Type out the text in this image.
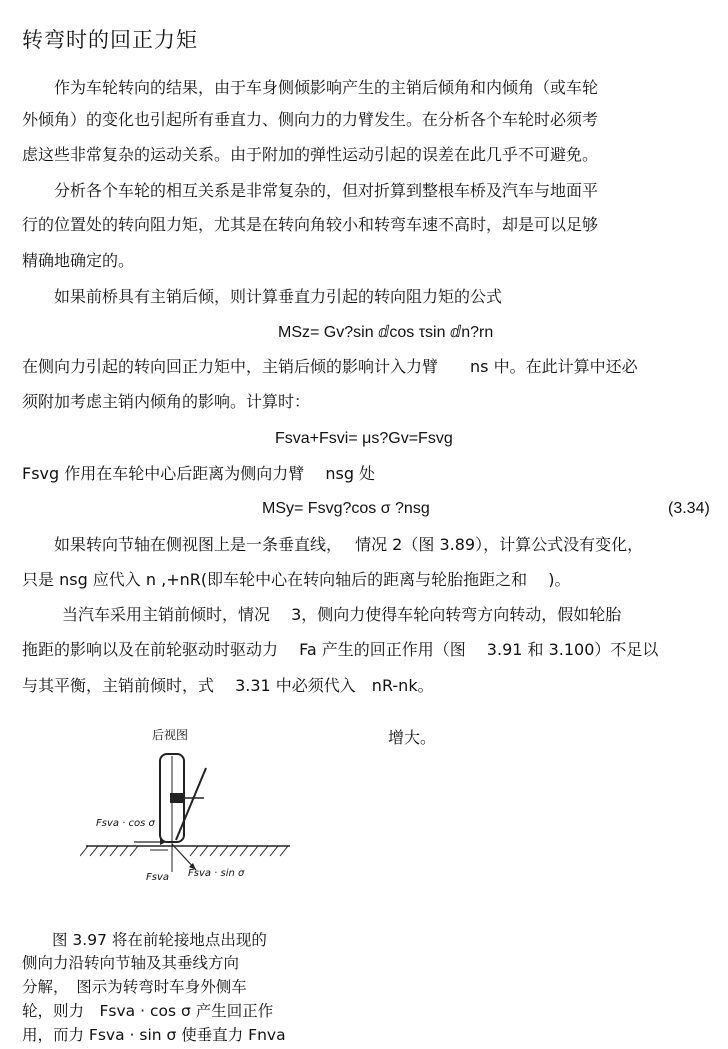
转弯时的回正力矩
作为车轮转向的结果，由于车身侧倾影响产生的主销后倾角和内倾角（或车轮
外倾角）的变化也引起所有垂直力、侧向力的力臂发生。在分析各个车轮时必须考
虑这些非常复杂的运动关系。由于附加的弹性运动引起的误差在此几乎不可避免。
分析各个车轮的相互关系是非常复杂的，但对折算到整根车桥及汽车与地面平
行的位置处的转向阻力矩，尤其是在转向角较小和转弯车速不高时，却是可以足够
精确地确定的。
如果前桥具有主销后倾，则计算垂直力引起的转向阻力矩的公式
MSz= Gv?sin ⅆcos τsin ⅆn?rn
在侧向力引起的转向回正力矩中，主销后倾的影响计入力臂　　ns 中。在此计算中还必
须附加考虑主销内倾角的影响。计算时：
Fsva+Fsvi= μs?Gv=Fsvg
Fsvg 作用在车轮中心后距离为侧向力臂　 nsg 处
MSy= Fsvg?cos σ ?nsg	(3.34)
如果转向节轴在侧视图上是一条垂直线，　 情况 2（图 3.89），计算公式没有变化，
只是 nsg 应代入 n ,+nR(即车轮中心在转向轴后的距离与轮胎拖距之和　 )。
当汽车采用主销前倾时，情况　 3，侧向力使得车轮向转弯方向转动，假如轮胎
拖距的影响以及在前轮驱动时驱动力　 Fa 产生的回正作用（图　 3.91 和 3.100）不足以
与其平衡，主销前倾时，式　 3.31 中必须代入　nR-nk。
增大。
后视图
Fsva · cos σ
Fsva Fsva · sin σ
图 3.97 将在前轮接地点出现的
侧向力沿转向节轴及其垂线方向
分解，　图示为转弯时车身外侧车
轮，则力　Fsva · cos σ 产生回正作
用，而力 Fsva · sin σ 使垂直力 Fnva
